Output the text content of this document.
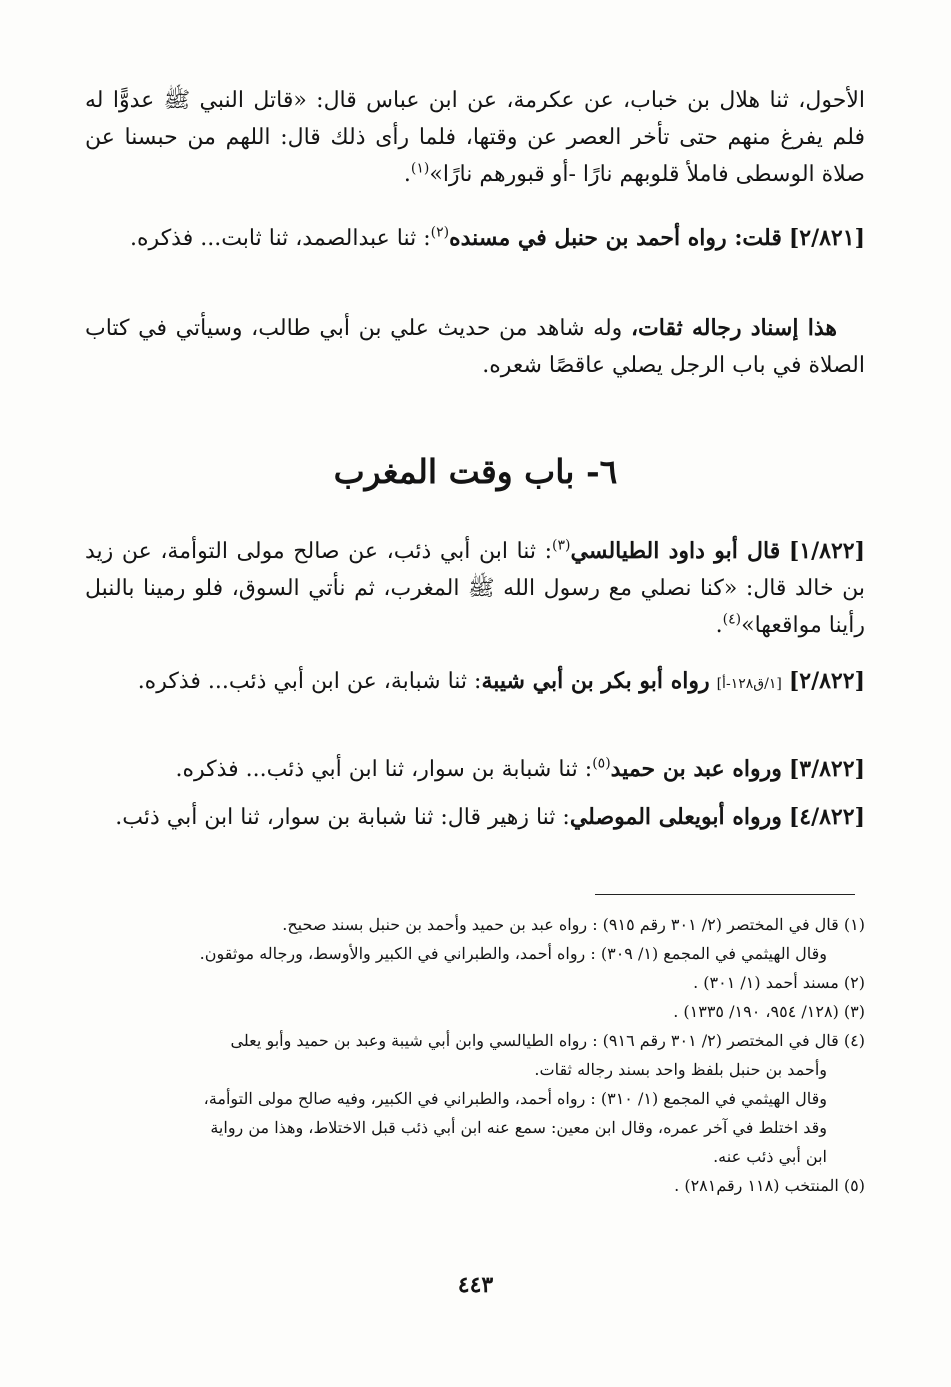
الأحول، ثنا هلال بن خباب، عن عكرمة، عن ابن عباس قال: «قاتل النبي ﷺ عدوًّا له فلم يفرغ منهم حتى تأخر العصر عن وقتها، فلما رأى ذلك قال: اللهم من حبسنا عن صلاة الوسطى فاملأ قلوبهم نارًا -أو قبورهم نارًا»$^{(١)}$.

[٢/٨٢١] قلت: رواه أحمد بن حنبل في مسنده$^{(٢)}$: ثنا عبدالصمد، ثنا ثابت... فذكره.

هذا إسناد رجاله ثقات، وله شاهد من حديث علي بن أبي طالب، وسيأتي في كتاب الصلاة في باب الرجل يصلي عاقصًا شعره.

٦- باب وقت المغرب

[١/٨٢٢] قال أبو داود الطيالسي$^{(٣)}$: ثنا ابن أبي ذئب، عن صالح مولى التوأمة، عن زيد بن خالد قال: «كنا نصلي مع رسول الله ﷺ المغرب، ثم نأتي السوق، فلو رمينا بالنبل رأينا مواقعها»$^{(٤)}$.

[٢/٨٢٢] [١/ق١٢٨-أ] رواه أبو بكر بن أبي شيبة: ثنا شبابة، عن ابن أبي ذئب... فذكره.

[٣/٨٢٢] ورواه عبد بن حميد$^{(٥)}$: ثنا شبابة بن سوار، ثنا ابن أبي ذئب... فذكره.

[٤/٨٢٢] ورواه أبويعلى الموصلي: ثنا زهير قال: ثنا شبابة بن سوار، ثنا ابن أبي ذئب.

(١) قال في المختصر (٢/ ٣٠١ رقم ٩١٥) : رواه عبد بن حميد وأحمد بن حنبل بسند صحيح.

وقال الهيثمي في المجمع (١/ ٣٠٩) : رواه أحمد، والطبراني في الكبير والأوسط، ورجاله موثقون.

(٢) مسند أحمد (١/ ٣٠١) .

(٣) (١٢٨/ ٩٥٤، ١٩٠/ ١٣٣٥) .

(٤) قال في المختصر (٢/ ٣٠١ رقم ٩١٦) : رواه الطيالسي وابن أبي شيبة وعبد بن حميد وأبو يعلى

وأحمد بن حنبل بلفظ واحد بسند رجاله ثقات.

وقال الهيثمي في المجمع (١/ ٣١٠) : رواه أحمد، والطبراني في الكبير، وفيه صالح مولى التوأمة،

وقد اختلط في آخر عمره، وقال ابن معين: سمع عنه ابن أبي ذئب قبل الاختلاط، وهذا من رواية

ابن أبي ذئب عنه.

(٥) المنتخب (١١٨ رقم٢٨١) .

٤٤٣
